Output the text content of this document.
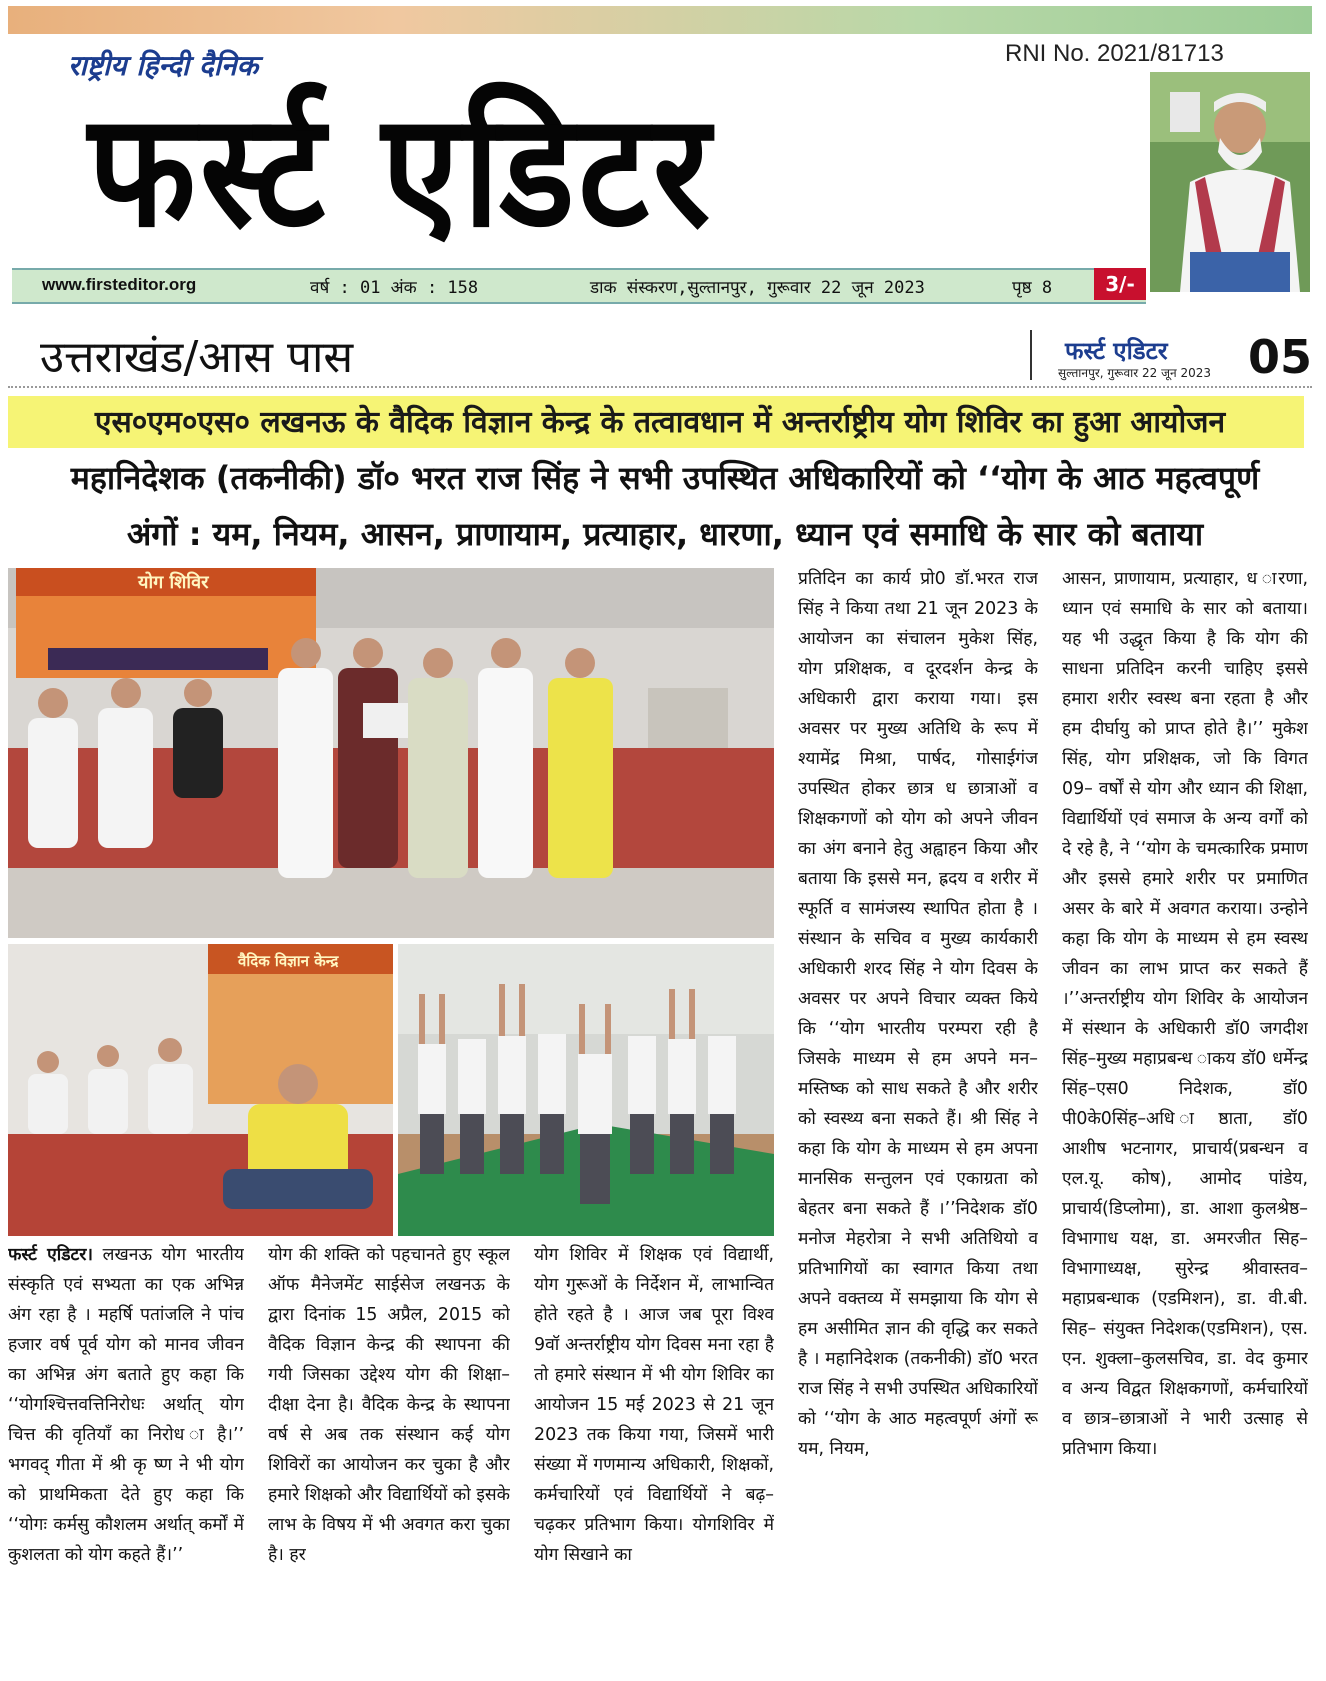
राष्ट्रीय हिन्दी दैनिक	RNI No. 2021/81713
फर्स्ट एडिटर
www.firsteditor.org	वर्ष : 01 अंक : 158	डाक संस्करण,सुल्तानपुर, गुरूवार 22 जून 2023	पृष्ठ 8	3/-
उत्तराखंड/आस पास	फर्स्ट एडिटर
सुल्तानपुर, गुरूवार 22 जून 2023 05
एस०एम०एस० लखनऊ के वैदिक विज्ञान केन्द्र के तत्वावधान में अन्तर्राष्ट्रीय योग शिविर का हुआ आयोजन
महानिदेशक (तकनीकी) डॉ० भरत राज सिंह ने सभी उपस्थित अधिकारियों को ‘‘योग के आठ महत्वपूर्ण
अंगों : यम, नियम, आसन, प्राणायाम, प्रत्याहार, धारणा, ध्यान एवं समाधि के सार को बताया
योग शिविर
वैदिक विज्ञान केन्द्र

फर्स्ट एडिटर। लखनऊ योग भारतीय संस्कृति एवं सभ्यता का एक अभिन्न अंग रहा है । महर्षि पतांजलि ने पांच हजार वर्ष पूर्व योग को मानव जीवन का अभिन्न अंग बताते हुए कहा कि ‘‘योगश्चित्तवत्तिनिरोधः अर्थात् योग चित्त की वृतियाँ का निरोध ा है।’’ भगवद् गीता में श्री कृ ष्ण ने भी योग को प्राथमिकता देते हुए कहा कि ‘‘योगः कर्मसु कौशलम अर्थात् कर्मों में कुशलता को योग कहते हैं।’’

योग की शक्ति को पहचानते हुए स्कूल ऑफ मैनेजमेंट साईसेज लखनऊ के द्वारा दिनांक 15 अप्रैल, 2015 को वैदिक विज्ञान केन्द्र की स्थापना की गयी जिसका उद्देश्य योग की शिक्षा–दीक्षा देना है। वैदिक केन्द्र के स्थापना वर्ष से अब तक संस्थान कई योग शिविरों का आयोजन कर चुका है और हमारे शिक्षको और विद्यार्थियों को इसके लाभ के विषय में भी अवगत करा चुका है। हर

योग शिविर में शिक्षक एवं विद्यार्थी, योग गुरूओं के निर्देशन में, लाभान्वित होते रहते है । आज जब पूरा विश्व 9वॉ अन्तर्राष्ट्रीय योग दिवस मना रहा है तो हमारे संस्थान में भी योग शिविर का आयोजन 15 मई 2023 से 21 जून 2023 तक किया गया, जिसमें भारी संख्या में गणमान्य अधिकारी, शिक्षकों, कर्मचारियों एवं विद्यार्थियों ने बढ़–चढ़कर प्रतिभाग किया। योगशिविर में योग सिखाने का

प्रतिदिन का कार्य प्रो0 डॉ.भरत राज सिंह ने किया तथा 21 जून 2023 के आयोजन का संचालन मुकेश सिंह, योग प्रशिक्षक, व दूरदर्शन केन्द्र के अधिकारी द्वारा कराया गया। इस अवसर पर मुख्य अतिथि के रूप में श्यामेंद्र मिश्रा, पार्षद, गोसाईगंज उपस्थित होकर छात्र ध छात्राओं व शिक्षकगणों को योग को अपने जीवन का अंग बनाने हेतु अह्वाहन किया और बताया कि इससे मन, ह्रदय व शरीर में स्फूर्ति व सामंजस्य स्थापित होता है । संस्थान के सचिव व मुख्य कार्यकारी अधिकारी शरद सिंह ने योग दिवस के अवसर पर अपने विचार व्यक्त किये कि ‘‘योग भारतीय परम्परा रही है जिसके माध्यम से हम अपने मन–मस्तिष्क को साध सकते है और शरीर को स्वस्थ्य बना सकते हैं। श्री सिंह ने कहा कि योग के माध्यम से हम अपना मानसिक सन्तुलन एवं एकाग्रता को बेहतर बना सकते हैं ।’’निदेशक डॉ0 मनोज मेहरोत्रा ने सभी अतिथियो व प्रतिभागियों का स्वागत किया तथा अपने वक्तव्य में समझाया कि योग से हम असीमित ज्ञान की वृद्धि कर सकते है । महानिदेशक (तकनीकी) डॉ0 भरत राज सिंह ने सभी उपस्थित अधिकारियों को ‘‘योग के आठ महत्वपूर्ण अंगों रू यम, नियम,

आसन, प्राणायाम, प्रत्याहार, ध ारणा, ध्यान एवं समाधि के सार को बताया। यह भी उद्धृत किया है कि योग की साधना प्रतिदिन करनी चाहिए इससे हमारा शरीर स्वस्थ बना रहता है और हम दीर्घायु को प्राप्त होते है।’’ मुकेश सिंह, योग प्रशिक्षक, जो कि विगत 09– वर्षों से योग और ध्यान की शिक्षा, विद्यार्थियों एवं समाज के अन्य वर्गों को दे रहे है, ने ‘‘योग के चमत्कारिक प्रमाण और इससे हमारे शरीर पर प्रमाणित असर के बारे में अवगत कराया। उन्होने कहा कि योग के माध्यम से हम स्वस्थ जीवन का लाभ प्राप्त कर सकते हैं ।’’अन्तर्राष्ट्रीय योग शिविर के आयोजन में संस्थान के अधिकारी डॉ0 जगदीश सिंह–मुख्य महाप्रबन्ध ाकय डॉ0 धर्मेन्द्र सिंह–एस0 निदेशक, डॉ0 पी0के0सिंह–अधि ाष्ठाता, डॉ0 आशीष भटनागर, प्राचार्य(प्रबन्धन व एल.यू. कोष), आमोद पांडेय, प्राचार्य(डिप्लोमा), डा. आशा कुलश्रेष्ठ–विभागाध यक्ष, डा. अमरजीत सिह–विभागाध्यक्ष, सुरेन्द्र श्रीवास्तव–महाप्रबन्धाक (एडमिशन), डा. वी.बी. सिह– संयुक्त निदेशक(एडमिशन), एस. एन. शुक्ला–कुलसचिव, डा. वेद कुमार व अन्य विद्वत शिक्षकगणों, कर्मचारियों व छात्र–छात्राओं ने भारी उत्साह से प्रतिभाग किया।
